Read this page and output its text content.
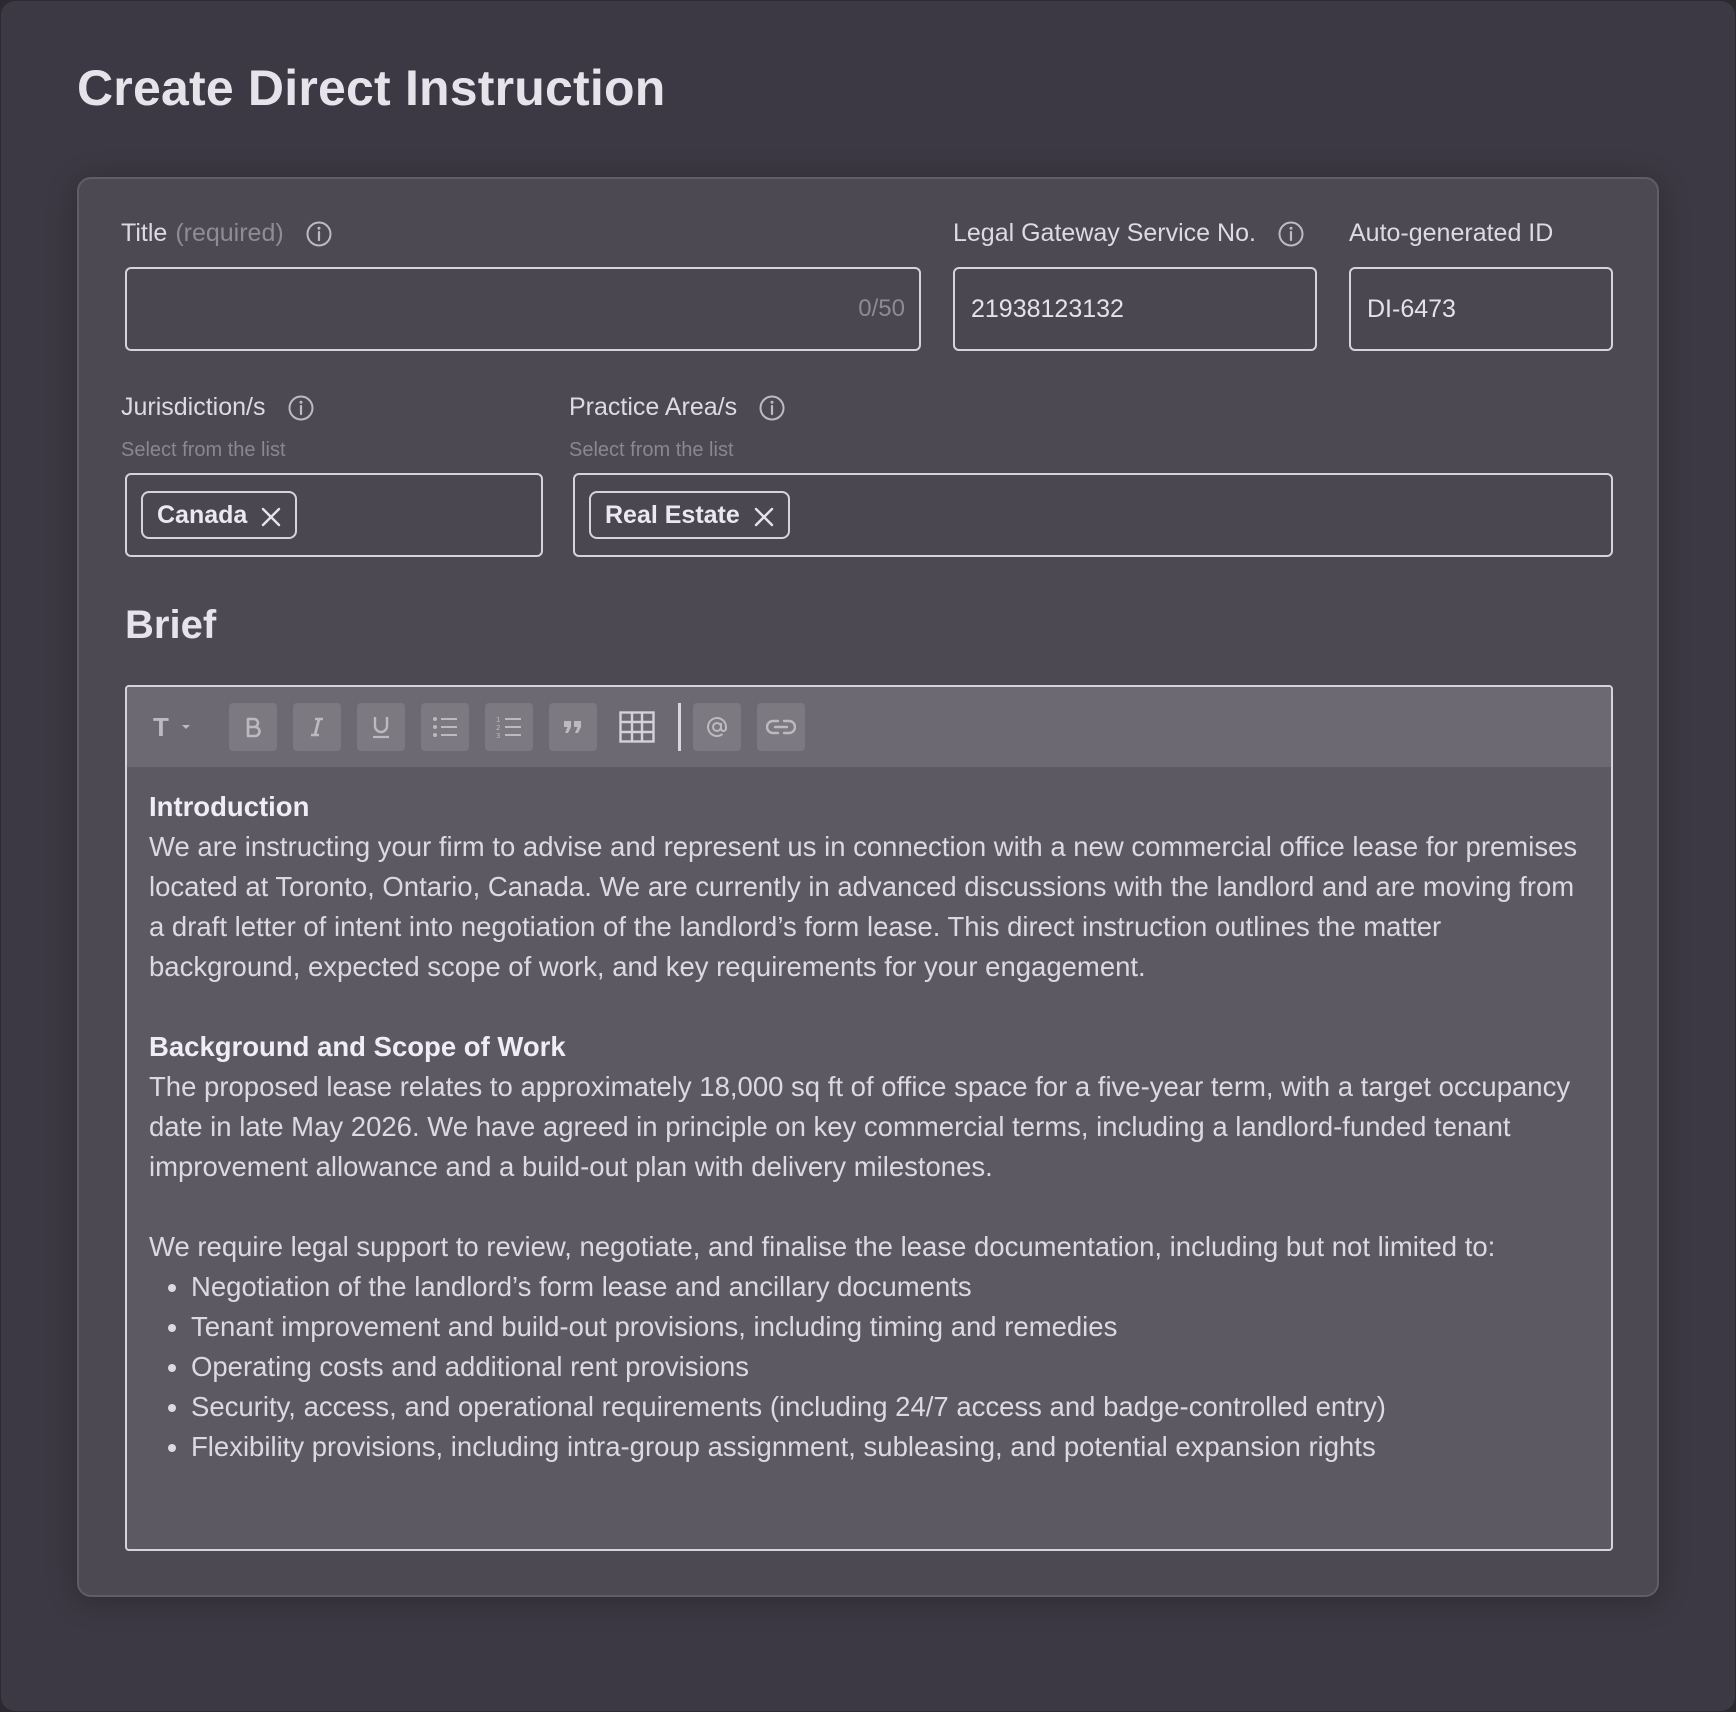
Create Direct Instruction
Title (required)
0/50
Legal Gateway Service No.
21938123132
Auto-generated ID
DI-6473
Jurisdiction/s
Select from the list
Canada
Practice Area/s
Select from the list
Real Estate
Brief
T	1
2
3

Introduction

We are instructing your firm to advise and represent us in connection with a new commercial office lease for premises located at Toronto, Ontario, Canada. We are currently in advanced discussions with the landlord and are moving from a draft letter of intent into negotiation of the landlord’s form lease. This direct instruction outlines the matter background, expected scope of work, and key requirements for your engagement.

Background and Scope of Work

The proposed lease relates to approximately 18,000 sq ft of office space for a five-year term, with a target occupancy date in late May 2026. We have agreed in principle on key commercial terms, including a landlord-funded tenant improvement allowance and a build-out plan with delivery milestones.

We require legal support to review, negotiate, and finalise the lease documentation, including but not limited to:

• Negotiation of the landlord’s form lease and ancillary documents
• Tenant improvement and build-out provisions, including timing and remedies
• Operating costs and additional rent provisions
• Security, access, and operational requirements (including 24/7 access and badge-controlled entry)
• Flexibility provisions, including intra-group assignment, subleasing, and potential expansion rights
